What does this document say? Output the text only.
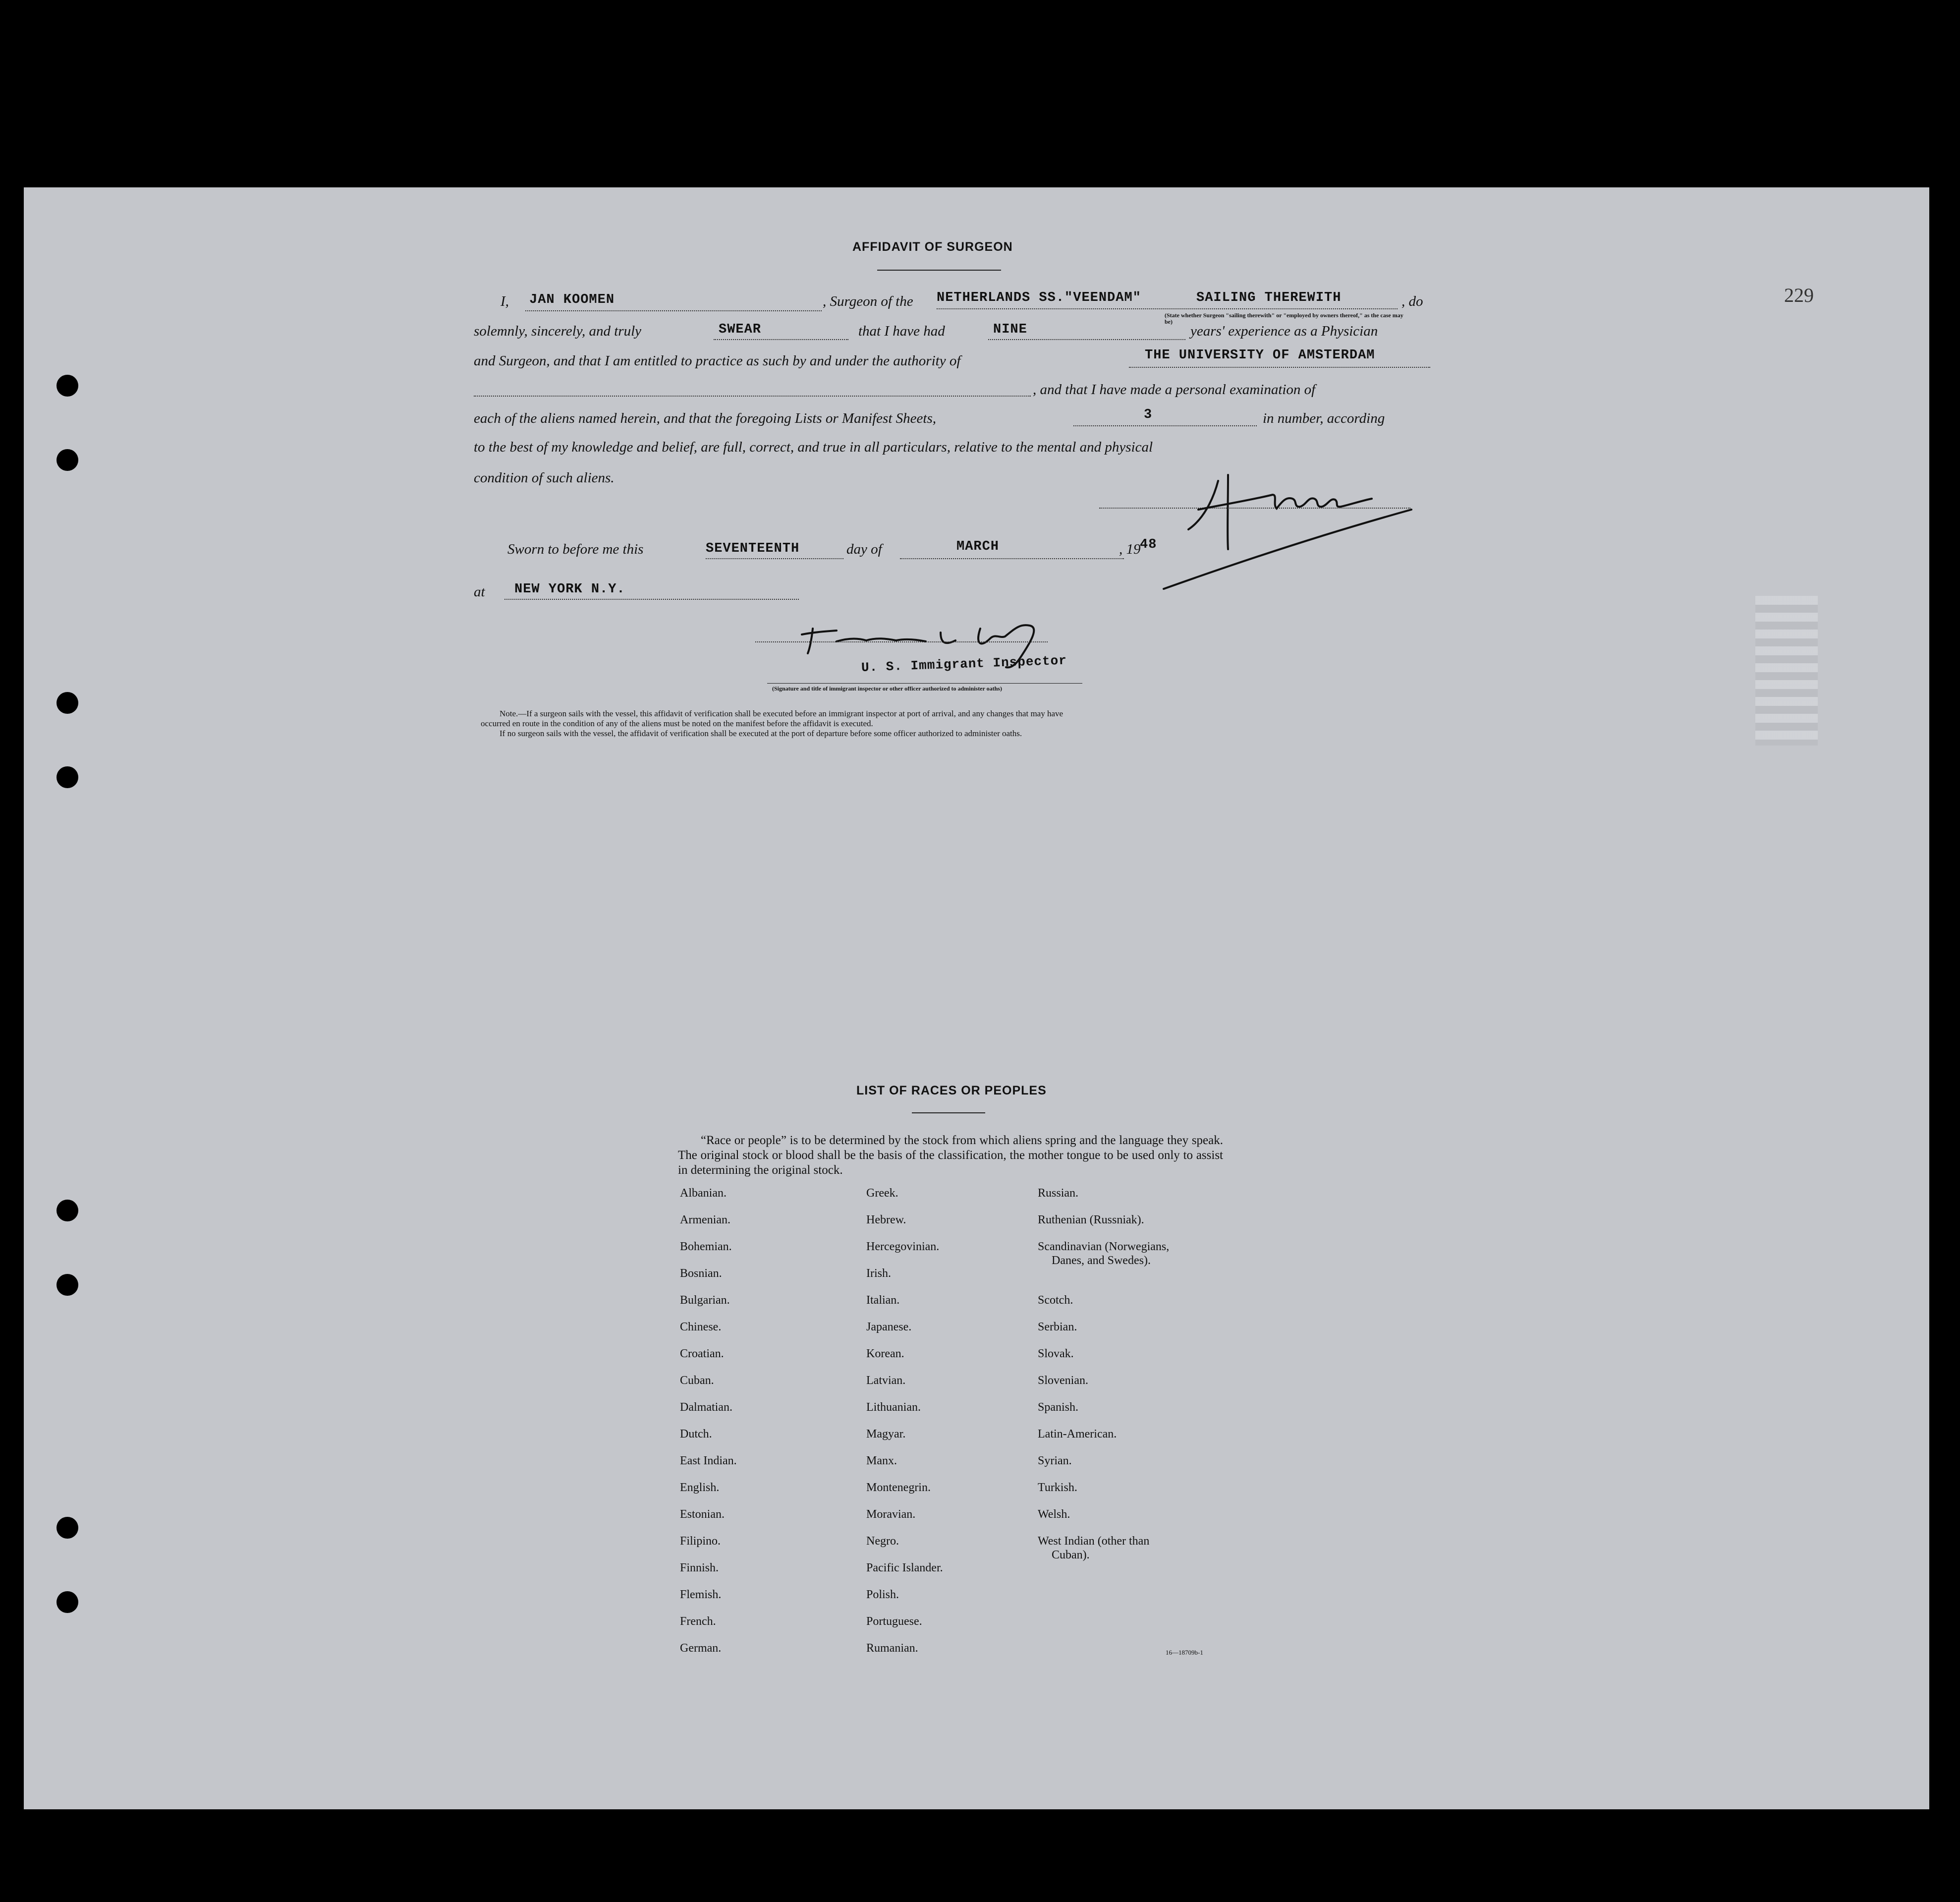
229
AFFIDAVIT OF SURGEON
I, JAN KOOMEN	, Surgeon of the NETHERLANDS SS."VEENDAM"	SAILING THEREWITH	, do
(State whether Surgeon "sailing therewith" or "employed by owners thereof," as the case may be)
solemnly, sincerely, and truly	SWEAR	that I have had	NINE	years' experience as a Physician
and Surgeon, and that I am entitled to practice as such by and under the authority of	THE UNIVERSITY OF AMSTERDAM
, and that I have made a personal examination of
each of the aliens named herein, and that the foregoing Lists or Manifest Sheets,	3	in number, according
to the best of my knowledge and belief, are full, correct, and true in all particulars, relative to the mental and physical
condition of such aliens.
Sworn to before me this	SEVENTEENTH	day of	MARCH	, 19
48
at NEW YORK N.Y.
U. S. Immigrant Inspector
(Signature and title of immigrant inspector or other officer authorized to administer oaths)
Note.—If a surgeon sails with the vessel, this affidavit of verification shall be executed before an immigrant inspector at port of arrival, and any changes that may have
occurred en route in the condition of any of the aliens must be noted on the manifest before the affidavit is executed.
If no surgeon sails with the vessel, the affidavit of verification shall be executed at the port of departure before some officer authorized to administer oaths.
LIST OF RACES OR PEOPLES
“Race or people” is to be determined by the stock from which aliens spring and the language they speak. The original stock or blood shall be the basis of the classification, the mother tongue to be used only to assist in determining the original stock.
Albanian.
Armenian.
Bohemian.
Bosnian.
Bulgarian.
Chinese.
Croatian.
Cuban.
Dalmatian.
Dutch.
East Indian.
English.
Estonian.
Filipino.
Finnish.
Flemish.
French.
German.
Greek.
Hebrew.
Hercegovinian.
Irish.
Italian.
Japanese.
Korean.
Latvian.
Lithuanian.
Magyar.
Manx.
Montenegrin.
Moravian.
Negro.
Pacific Islander.
Polish.
Portuguese.
Rumanian.
Russian.
Ruthenian (Russniak).
Scandinavian (Norwegians,
Danes, and Swedes).
Scotch.
Serbian.
Slovak.
Slovenian.
Spanish.
Latin-American.
Syrian.
Turkish.
Welsh.
West Indian (other than
Cuban).
16—18709b-1
